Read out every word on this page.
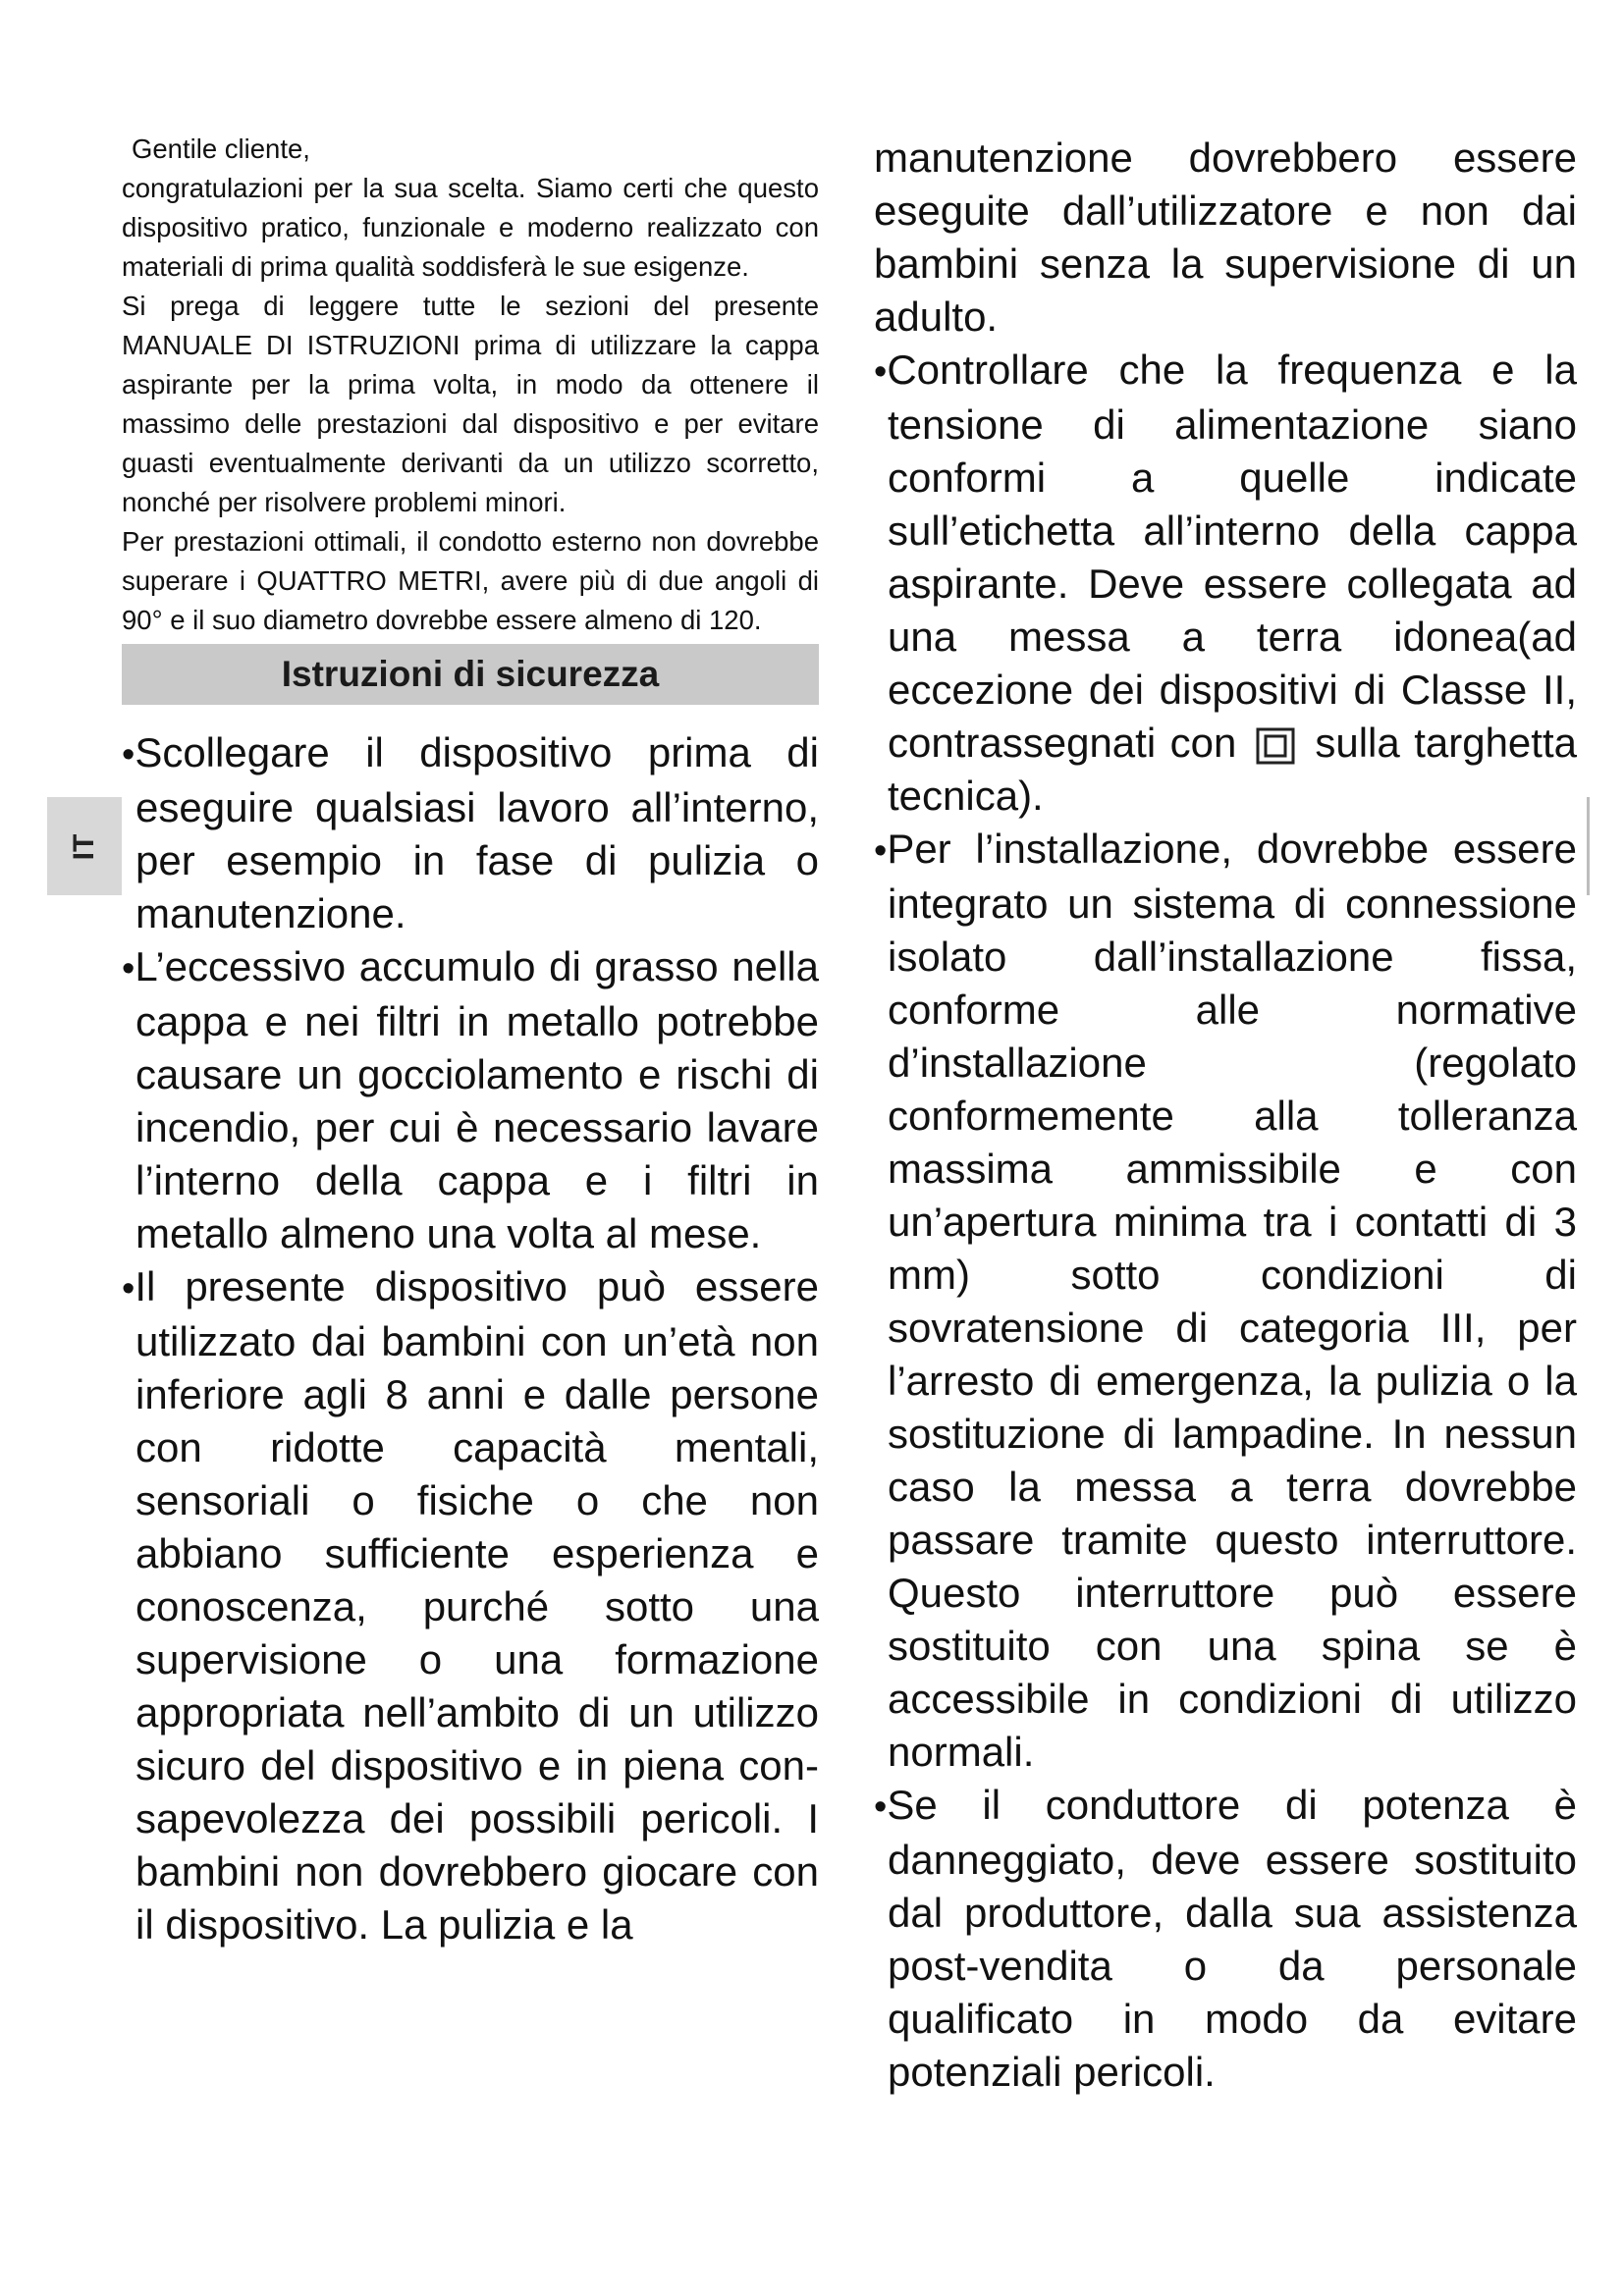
IT

Gentile cliente,

congratulazioni per la sua scelta. Siamo certi che questo dispositivo pratico, funzionale e moderno realizzato con materiali di prima qualità soddisferà le sue esigenze.

Si prega di leggere tutte le sezioni del presente MANUALE DI ISTRUZIONI prima di utilizzare la cappa aspirante per la prima volta, in modo da ottenere il massimo delle prestazioni dal dispositivo e per evitare guasti eventualmente derivanti da un utilizzo scorretto, nonché per risolvere problemi minori.

Per prestazioni ottimali, il condotto esterno non dovrebbe superare i QUATTRO METRI, avere più di due angoli di 90° e il suo diametro dovrebbe essere almeno di 120.

Istruzioni di sicurezza

•Scollegare il dispositivo prima di eseguire qualsiasi lavoro all’interno, per esempio in fase di pulizia o manutenzione.

•L’eccessivo accumulo di grasso nella cappa e nei filtri in metallo potrebbe causare un gocciolamento e rischi di incendio, per cui è necessario lavare l’interno della cappa e i filtri in metallo almeno una volta al mese.

•Il presente dispositivo può essere utilizzato dai bambini con un’età non inferiore agli 8 anni e dalle persone con ridotte capacità mentali, sensoriali o fisiche o che non abbiano sufficiente esperienza e conoscenza, purché sotto una supervisione o una formazione appropriata nell’ambito di un utilizzo sicuro del dispositivo e in piena con-sapevolezza dei possibili pericoli. I bambini non dovrebbero giocare con il dispositivo. La pulizia e la

manutenzione dovrebbero essere eseguite dall’utilizzatore e non dai bambini senza la supervisione di un adulto.

•Controllare che la frequenza e la tensione di alimentazione siano conformi a quelle indicate sull’etichetta all’interno della cappa aspirante. Deve essere collegata ad una messa a terra idonea(ad eccezione dei dispositivi di Classe II, contrassegnati con sulla targhetta tecnica).

•Per l’installazione, dovrebbe essere integrato un sistema di connessione isolato dall’installazione fissa, conforme alle normative d’installazione (regolato conformemente alla tolleranza massima ammissibile e con un’apertura minima tra i contatti di 3 mm) sotto condizioni di sovratensione di categoria III, per l’arresto di emergenza, la pulizia o la sostituzione di lampadine. In nessun caso la messa a terra dovrebbe passare tramite questo interruttore. Questo interruttore può essere sostituito con una spina se è accessibile in condizioni di utilizzo normali.

•Se il conduttore di potenza è danneggiato, deve essere sostituito dal produttore, dalla sua assistenza post-vendita o da personale qualificato in modo da evitare potenziali pericoli.
